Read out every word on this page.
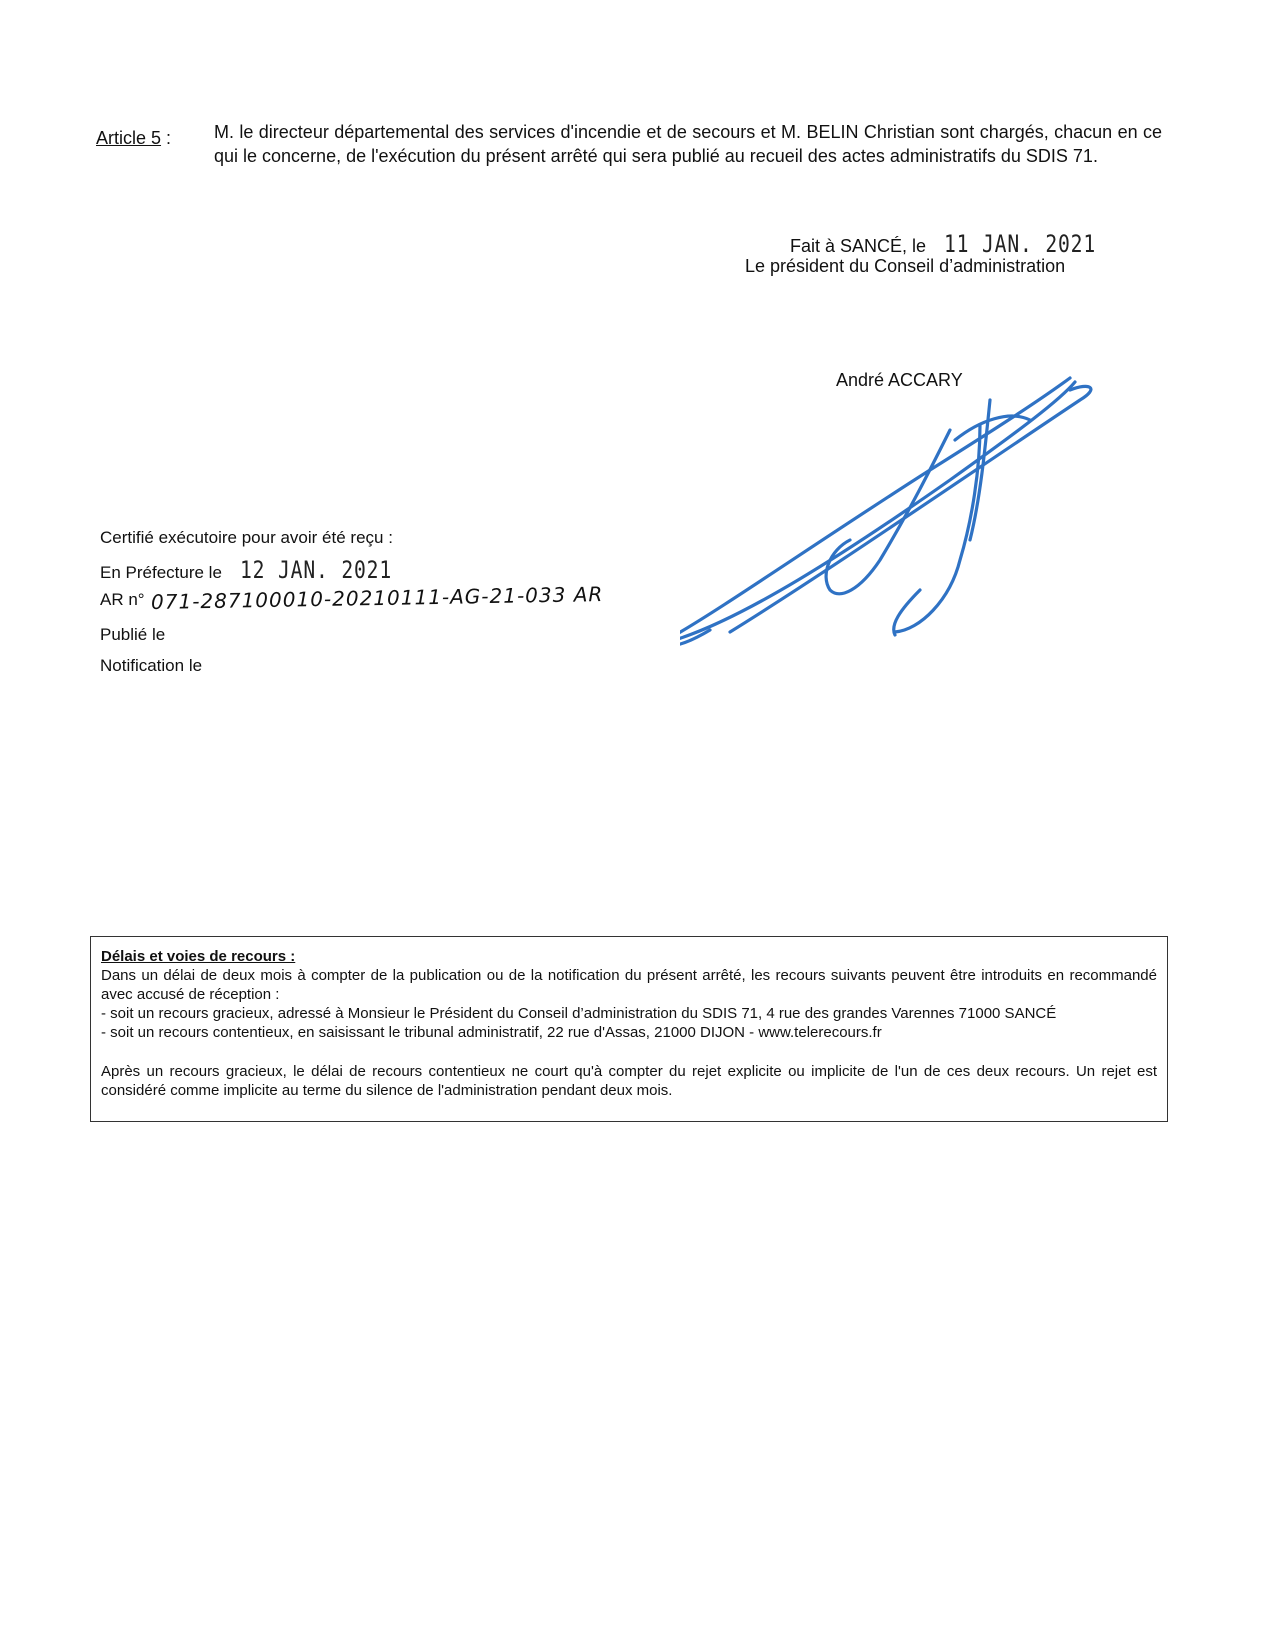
Article 5 : M. le directeur départemental des services d'incendie et de secours et M. BELIN Christian sont chargés, chacun en ce qui le concerne, de l'exécution du présent arrêté qui sera publié au recueil des actes administratifs du SDIS 71.
Fait à SANCÉ, le 11 JAN. 2021
Le président du Conseil d’administration
André ACCARY
Certifié exécutoire pour avoir été reçu :
En Préfecture le 12 JAN. 2021
AR n° 071-287100010-20210111-AG-21-033 AR
Publié le
Notification le
Délais et voies de recours :
Dans un délai de deux mois à compter de la publication ou de la notification du présent arrêté, les recours suivants peuvent être introduits en recommandé avec accusé de réception :
- soit un recours gracieux, adressé à Monsieur le Président du Conseil d’administration du SDIS 71, 4 rue des grandes Varennes 71000 SANCÉ
- soit un recours contentieux, en saisissant le tribunal administratif, 22 rue d'Assas, 21000 DIJON - www.telerecours.fr
Après un recours gracieux, le délai de recours contentieux ne court qu'à compter du rejet explicite ou implicite de l'un de ces deux recours. Un rejet est considéré comme implicite au terme du silence de l'administration pendant deux mois.
